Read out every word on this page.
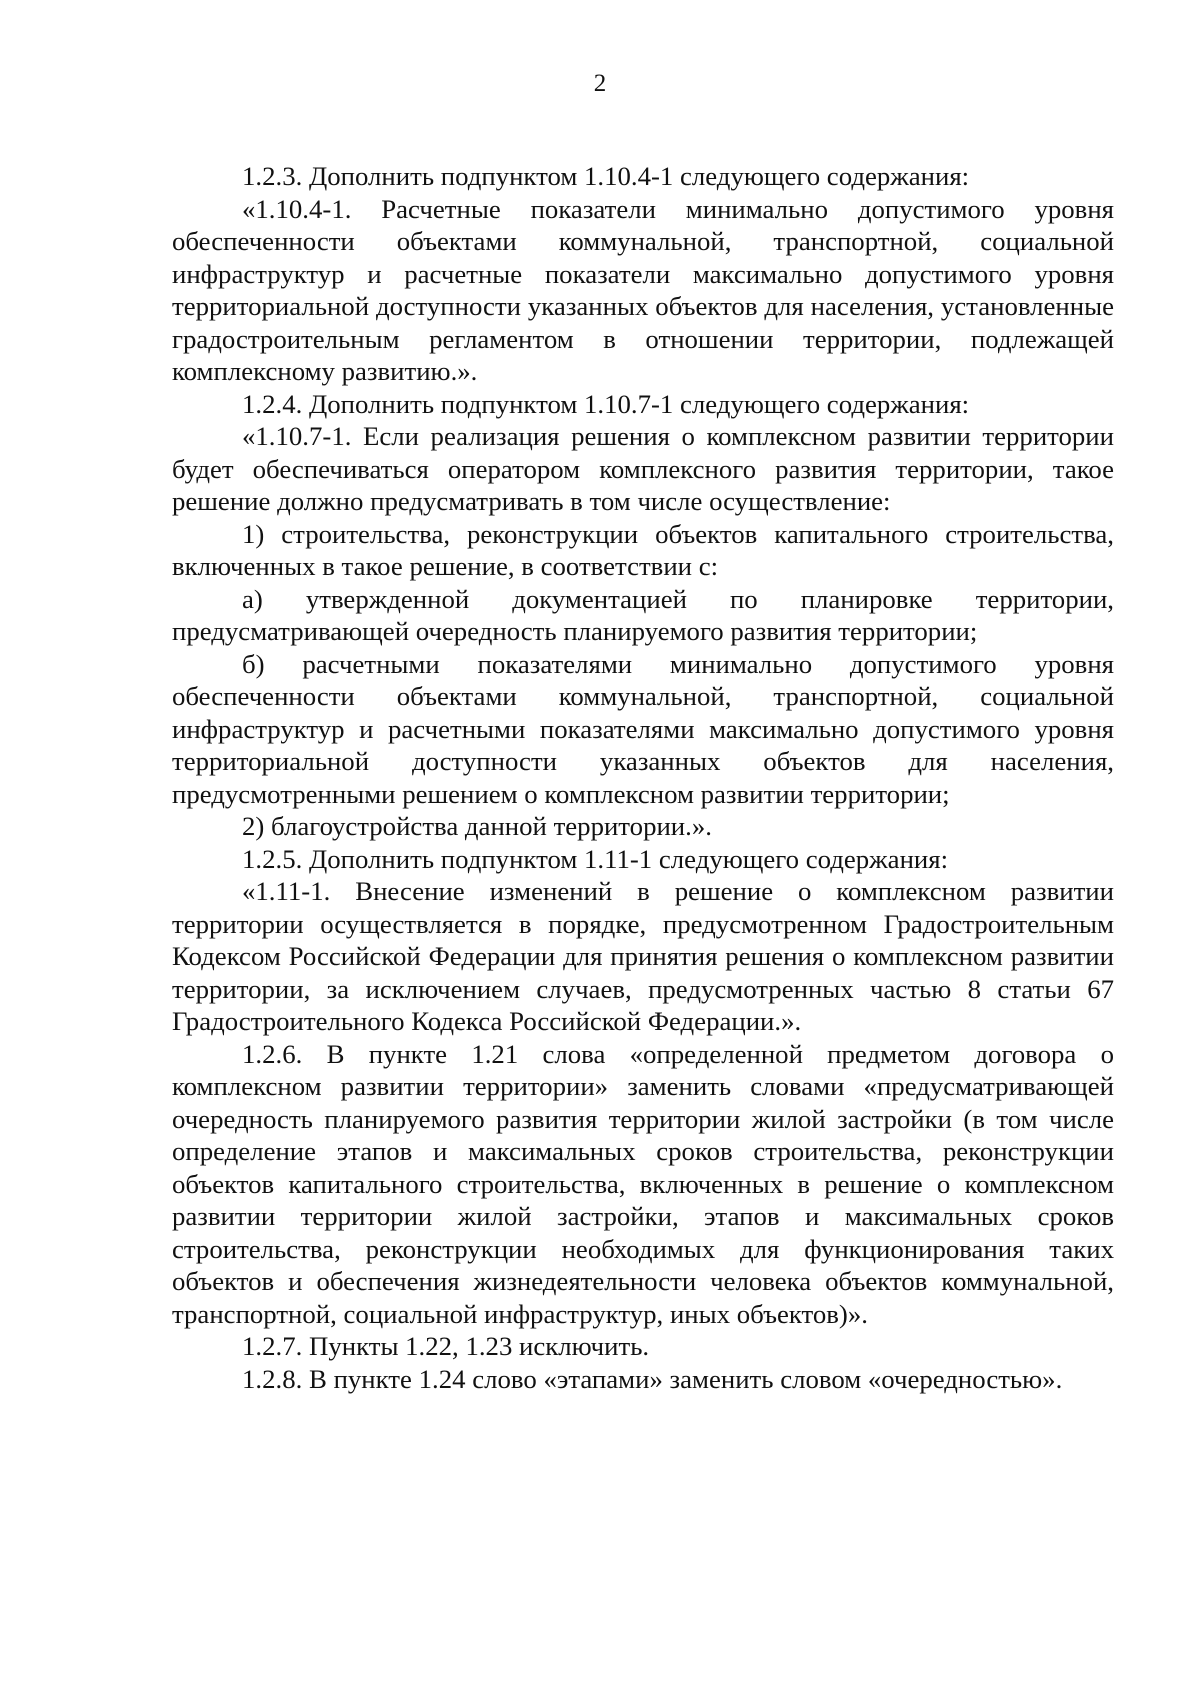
2

1.2.3. Дополнить подпунктом 1.10.4-1 следующего содержания:

«1.10.4-1. Расчетные показатели минимально допустимого уровня обеспеченности объектами коммунальной, транспортной, социальной инфраструктур и расчетные показатели максимально допустимого уровня территориальной доступности указанных объектов для населения, установленные градостроительным регламентом в отношении территории, подлежащей комплексному развитию.».

1.2.4. Дополнить подпунктом 1.10.7-1 следующего содержания:

«1.10.7-1. Если реализация решения о комплексном развитии территории будет обеспечиваться оператором комплексного развития территории, такое решение должно предусматривать в том числе осуществление:

1) строительства, реконструкции объектов капитального строительства, включенных в такое решение, в соответствии с:

а) утвержденной документацией по планировке территории, предусматривающей очередность планируемого развития территории;

б) расчетными показателями минимально допустимого уровня обеспеченности объектами коммунальной, транспортной, социальной инфраструктур и расчетными показателями максимально допустимого уровня территориальной доступности указанных объектов для населения, предусмотренными решением о комплексном развитии территории;

2) благоустройства данной территории.».

1.2.5. Дополнить подпунктом 1.11-1 следующего содержания:

«1.11-1. Внесение изменений в решение о комплексном развитии территории осуществляется в порядке, предусмотренном Градостроительным Кодексом Российской Федерации для принятия решения о комплексном развитии территории, за исключением случаев, предусмотренных частью 8 статьи 67 Градостроительного Кодекса Российской Федерации.».

1.2.6. В пункте 1.21 слова «определенной предметом договора о комплексном развитии территории» заменить словами «предусматривающей очередность планируемого развития территории жилой застройки (в том числе определение этапов и максимальных сроков строительства, реконструкции объектов капитального строительства, включенных в решение о комплексном развитии территории жилой застройки, этапов и максимальных сроков строительства, реконструкции необходимых для функционирования таких объектов и обеспечения жизнедеятельности человека объектов коммунальной, транспортной, социальной инфраструктур, иных объектов)».

1.2.7. Пункты 1.22, 1.23 исключить.

1.2.8. В пункте 1.24 слово «этапами» заменить словом «очередностью».
